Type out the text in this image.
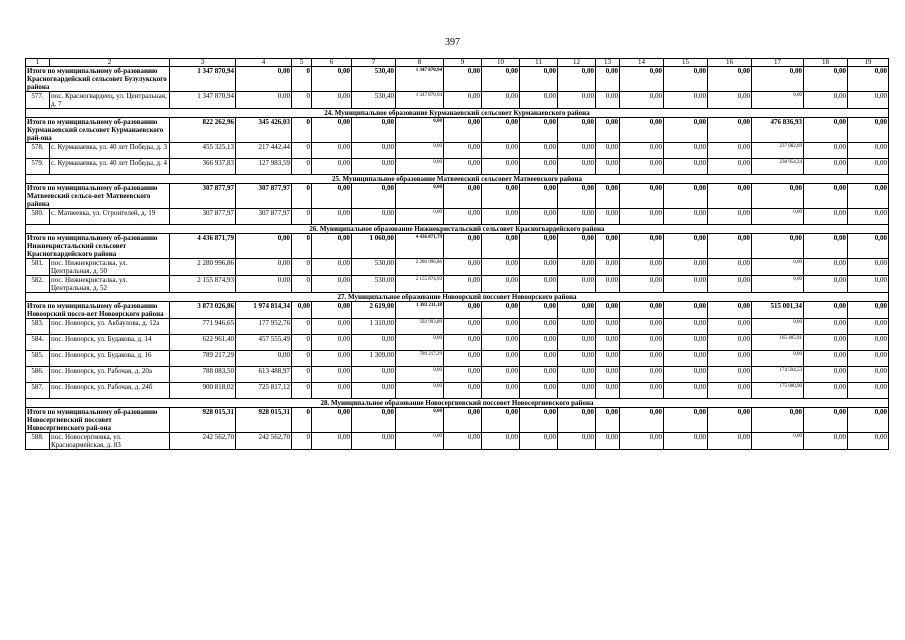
397
1	2	3	4	5	6	7	8	9	10	11	12	13	14	15	16	17	18	19
Итого по муниципальному об-разованию Красногвардейский сельсовет Бузулукского района		1 347 870,94	0,00	0	0,00	530,40	1 347 870,94	0,00	0,00	0,00	0,00	0,00	0,00	0,00	0,00	0,00	0,00	0,00
577.	пос. Красногвардеец, ул. Центральная, д. 7	1 347 870,94	0,00	0	0,00	530,40	1 347 870,94	0,00	0,00	0,00	0,00	0,00	0,00	0,00	0,00	0,00	0,00	0,00
24. Муниципальное образование Курманаевский сельсовет Курманаевского района																		
Итого по муниципальному об-разованию Курманаевский сельсовет Курманаевского рай-она		822 262,96	345 426,03	0	0,00	0,00	0,00	0,00	0,00	0,00	0,00	0,00	0,00	0,00	0,00	476 836,93	0,00	0,00
578.	с. Курманаевка, ул. 40 лет Победы, д. 3	455 325,13	217 442,44	0	0,00	0,00	0,00	0,00	0,00	0,00	0,00	0,00	0,00	0,00	0,00	237 882,69	0,00	0,00
579.	с. Курманаевка, ул. 40 лет Победы, д. 4	366 937,83	127 983,59	0	0,00	0,00	0,00	0,00	0,00	0,00	0,00	0,00	0,00	0,00	0,00	238 954,24	0,00	0,00
25. Муниципальное образование Матвеевский сельсовет Матвеевского района																		
Итого по муниципальному об-разованию Матвеевский сельсо-вет Матвеевского района		307 877,97	307 877,97	0	0,00	0,00	0,00	0,00	0,00	0,00	0,00	0,00	0,00	0,00	0,00	0,00	0,00	0,00
580.	с. Матвеевка, ул. Строителей, д. 19	307 877,97	307 877,97	0	0,00	0,00	0,00	0,00	0,00	0,00	0,00	0,00	0,00	0,00	0,00	0,00	0,00	0,00
26. Муниципальное образование Нижнекристальский сельсовет Красногвардейского района																		
Итого по муниципальному об-разованию Нижнекристальский сельсовет Красногвардейского района		4 436 871,79	0,00	0	0,00	1 060,00	4 436 871,79	0,00	0,00	0,00	0,00	0,00	0,00	0,00	0,00	0,00	0,00	0,00
581.	пос. Нижнекристалка, ул. Центральная, д. 50	2 280 996,86	0,00	0	0,00	530,00	2 280 996,86	0,00	0,00	0,00	0,00	0,00	0,00	0,00	0,00	0,00	0,00	0,00
582.	пос. Нижнекристалка, ул. Центральная, д. 52	2 155 874,93	0,00	0	0,00	530,00	2 155 874,93	0,00	0,00	0,00	0,00	0,00	0,00	0,00	0,00	0,00	0,00	0,00
27. Муниципальное образование Новоорский поссовет Новоорского района																		
Итого по муниципальному об-разованию Новоорский поссо-вет Новоорского района		3 873 026,86	1 974 814,34	0,00	0,00	2 619,00	1 383 211,18	0,00	0,00	0,00	0,00	0,00	0,00	0,00	0,00	515 001,34	0,00	0,00
583.	пос. Новоорск, ул. Акбаулова, д. 12а	771 946,65	177 952,76	0	0,00	1 310,00	593 993,89	0,00	0,00	0,00	0,00	0,00	0,00	0,00	0,00	0,00	0,00	0,00
584.	пос. Новоорск, ул. Будакова, д. 14	622 961,40	457 555,49	0	0,00	0,00	0,00	0,00	0,00	0,00	0,00	0,00	0,00	0,00	0,00	165 405,91	0,00	0,00
585.	пос. Новоорск, ул. Будакова, д. 16	789 217,29	0,00	0	0,00	1 309,00	789 217,29	0,00	0,00	0,00	0,00	0,00	0,00	0,00	0,00	0,00	0,00	0,00
586.	пос. Новоорск, ул. Рабочая, д. 20а	788 083,50	613 488,97	0	0,00	0,00	0,00	0,00	0,00	0,00	0,00	0,00	0,00	0,00	0,00	174 594,53	0,00	0,00
587.	пос. Новоорск, ул. Рабочая, д. 24б	900 818,02	725 817,12	0	0,00	0,00	0,00	0,00	0,00	0,00	0,00	0,00	0,00	0,00	0,00	175 000,90	0,00	0,00
28. Муниципальное образование Новосергиевский поссовет Новосергиевского района																		
Итого по муниципальному об-разованию Новосергиевский поссовет Новосергиевского рай-она		928 015,31	928 015,31	0	0,00	0,00	0,00	0,00	0,00	0,00	0,00	0,00	0,00	0,00	0,00	0,00	0,00	0,00
588.	пос. Новосергиевка, ул. Красноармейская, д. 83	242 562,70	242 562,70	0	0,00	0,00	0,00	0,00	0,00	0,00	0,00	0,00	0,00	0,00	0,00	0,00	0,00	0,00
